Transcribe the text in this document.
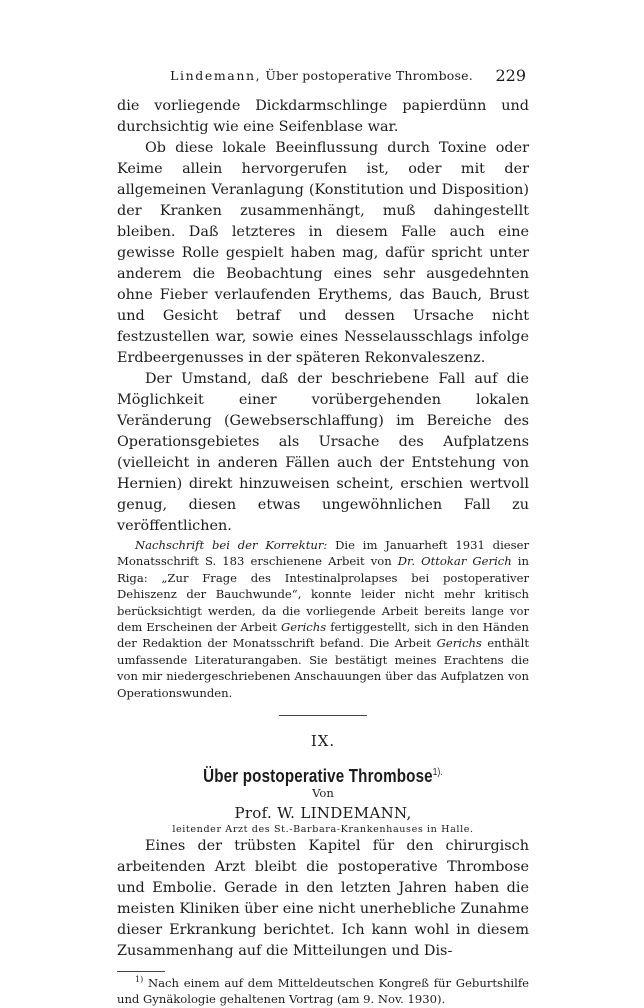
Lindemann, Über postoperative Thrombose.	229

die vorliegende Dickdarmschlinge papierdünn und durchsichtig wie eine Seifenblase war.

Ob diese lokale Beeinflussung durch Toxine oder Keime allein hervorgerufen ist, oder mit der allgemeinen Veranlagung (Konstitution und Disposition) der Kranken zusammenhängt, muß dahingestellt bleiben. Daß letzteres in diesem Falle auch eine gewisse Rolle gespielt haben mag, dafür spricht unter anderem die Beobachtung eines sehr ausgedehnten ohne Fieber verlaufenden Erythems, das Bauch, Brust und Gesicht betraf und dessen Ursache nicht festzustellen war, sowie eines Nesselausschlags infolge Erdbeergenusses in der späteren Rekonvaleszenz.

Der Umstand, daß der beschriebene Fall auf die Möglichkeit einer vorübergehenden lokalen Veränderung (Gewebserschlaffung) im Bereiche des Operationsgebietes als Ursache des Aufplatzens (vielleicht in anderen Fällen auch der Entstehung von Hernien) direkt hinzuweisen scheint, erschien wertvoll genug, diesen etwas ungewöhnlichen Fall zu veröffentlichen.

Nachschrift bei der Korrektur: Die im Januarheft 1931 dieser Monatsschrift S. 183 erschienene Arbeit von Dr. Ottokar Gerich in Riga: „Zur Frage des Intestinalprolapses bei postoperativer Dehiszenz der Bauchwunde“, konnte leider nicht mehr kritisch berücksichtigt werden, da die vorliegende Arbeit bereits lange vor dem Erscheinen der Arbeit Gerichs fertiggestellt, sich in den Händen der Redaktion der Monatsschrift befand. Die Arbeit Gerichs enthält umfassende Literaturangaben. Sie bestätigt meines Erachtens die von mir niedergeschriebenen Anschauungen über das Aufplatzen von Operationswunden.

IX.
Über postoperative Thrombose$^{1).}$
Von
Prof. W. LINDEMANN,
leitender Arzt des St.-Barbara-Krankenhauses in Halle.

Eines der trübsten Kapitel für den chirurgisch arbeitenden Arzt bleibt die postoperative Thrombose und Embolie. Gerade in den letzten Jahren haben die meisten Kliniken über eine nicht unerhebliche Zunahme dieser Erkrankung berichtet. Ich kann wohl in diesem Zusammenhang auf die Mitteilungen und Dis-

$^{1)}$ Nach einem auf dem Mitteldeutschen Kongreß für Geburtshilfe und Gynäkologie gehaltenen Vortrag (am 9. Nov. 1930).
